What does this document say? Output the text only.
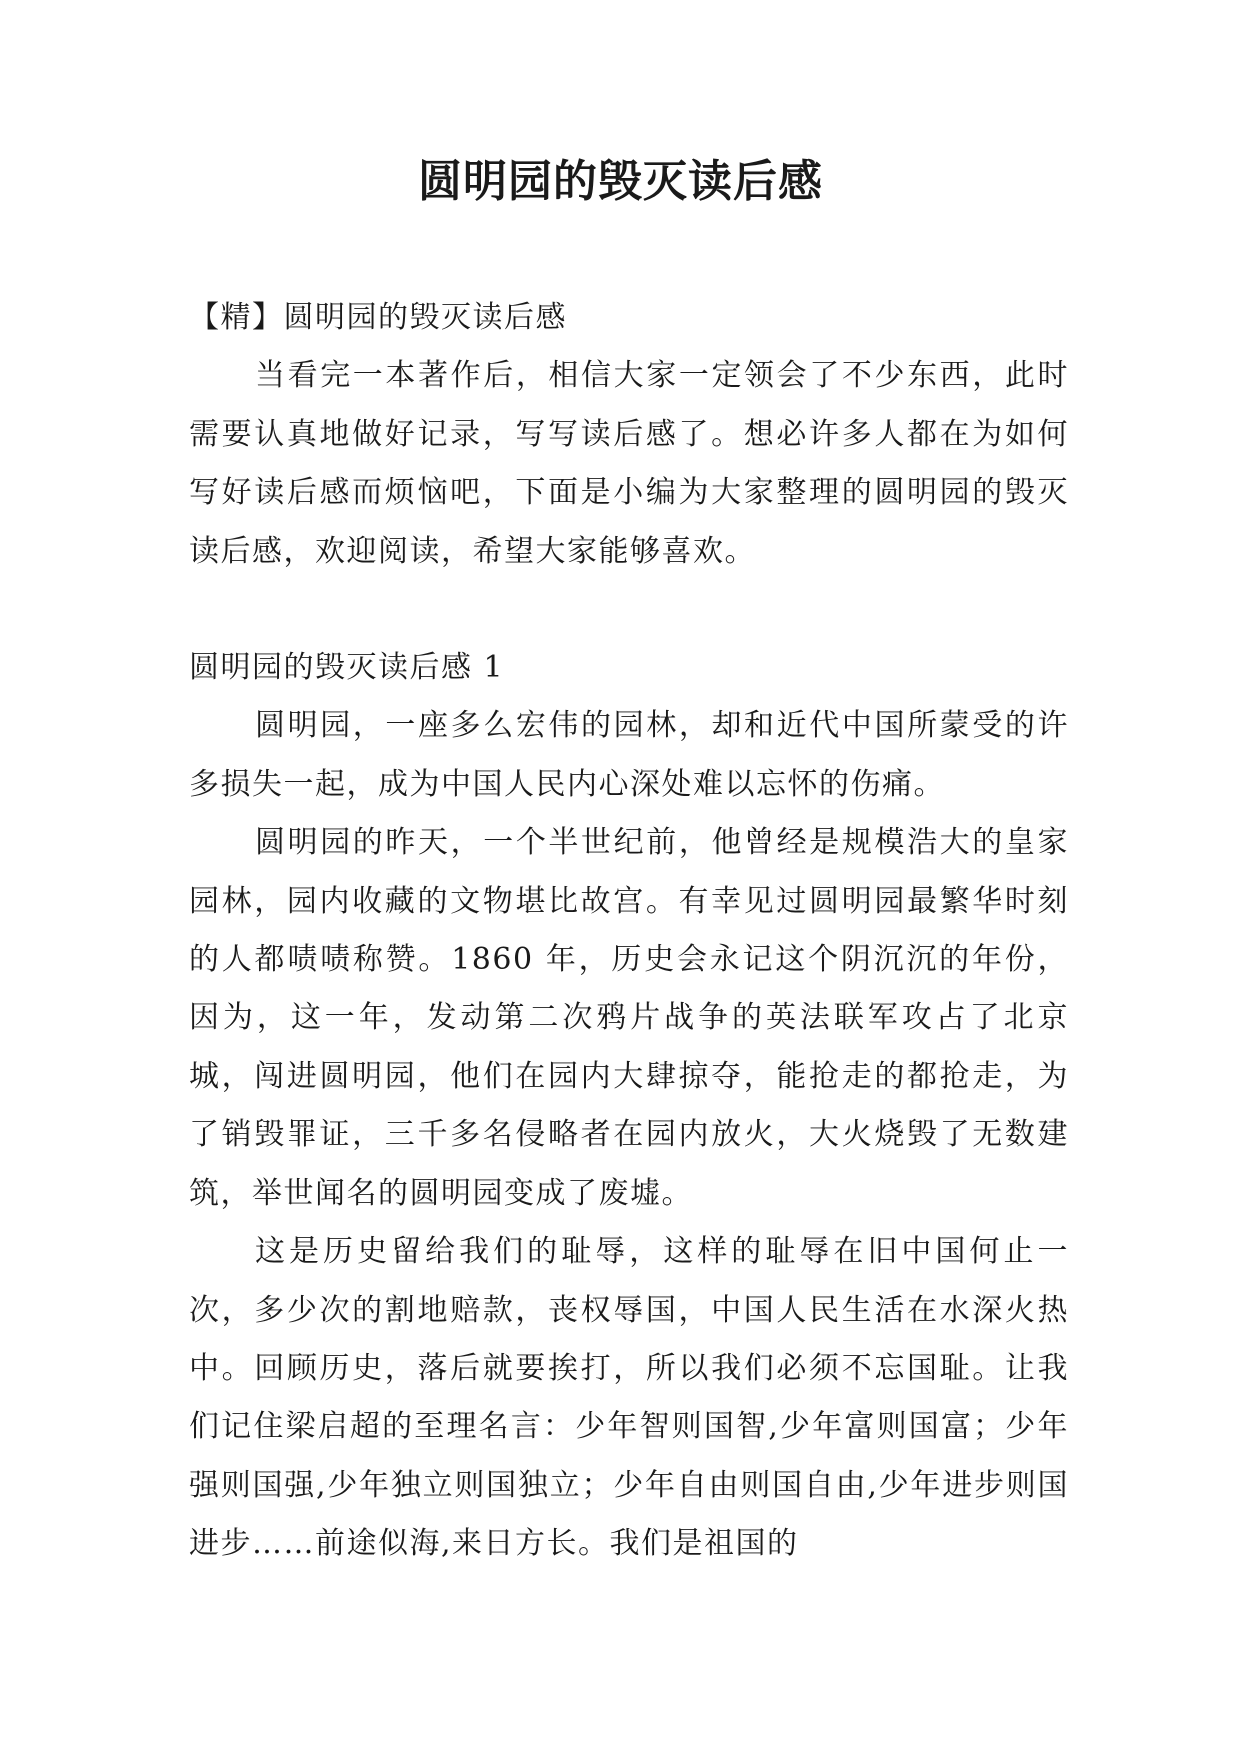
圆明园的毁灭读后感

【精】圆明园的毁灭读后感

当看完一本著作后，相信大家一定领会了不少东西，此时需要认真地做好记录，写写读后感了。想必许多人都在为如何写好读后感而烦恼吧，下面是小编为大家整理的圆明园的毁灭读后感，欢迎阅读，希望大家能够喜欢。

圆明园的毁灭读后感 1

圆明园，一座多么宏伟的园林，却和近代中国所蒙受的许多损失一起，成为中国人民内心深处难以忘怀的伤痛。

圆明园的昨天，一个半世纪前，他曾经是规模浩大的皇家园林，园内收藏的文物堪比故宫。有幸见过圆明园最繁华时刻的人都啧啧称赞。1860 年，历史会永记这个阴沉沉的年份，因为，这一年，发动第二次鸦片战争的英法联军攻占了北京城，闯进圆明园，他们在园内大肆掠夺，能抢走的都抢走，为了销毁罪证，三千多名侵略者在园内放火，大火烧毁了无数建筑，举世闻名的圆明园变成了废墟。

这是历史留给我们的耻辱，这样的耻辱在旧中国何止一次，多少次的割地赔款，丧权辱国，中国人民生活在水深火热中。回顾历史，落后就要挨打，所以我们必须不忘国耻。让我们记住梁启超的至理名言：少年智则国智,少年富则国富；少年强则国强,少年独立则国独立；少年自由则国自由,少年进步则国进步……前途似海,来日方长。我们是祖国的
